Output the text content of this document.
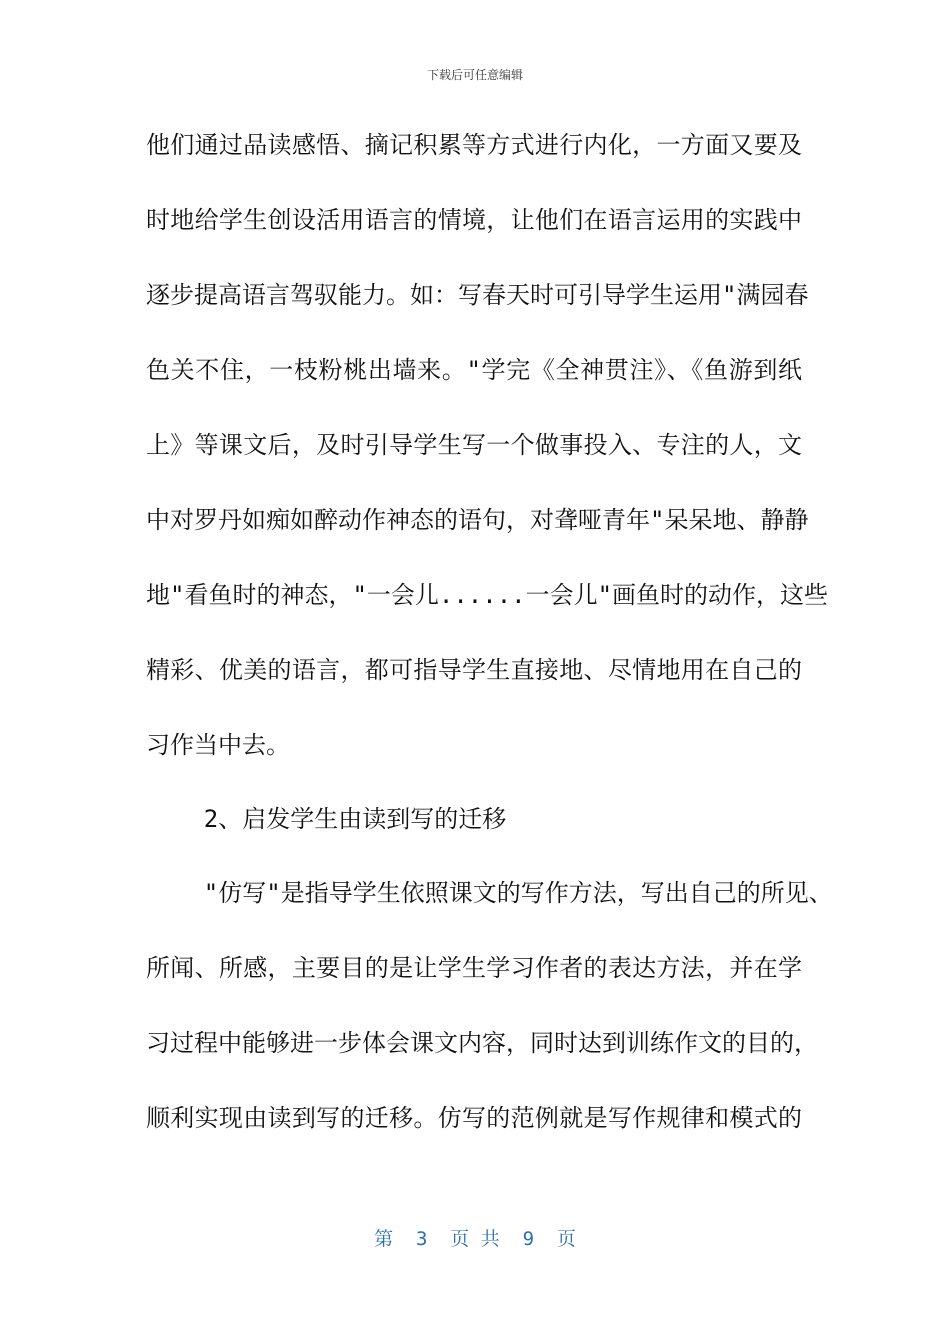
下载后可任意编辑
他们通过品读感悟、摘记积累等方式进行内化，一方面又要及
时地给学生创设活用语言的情境，让他们在语言运用的实践中
逐步提高语言驾驭能力。如：写春天时可引导学生运用"满园春
色关不住，一枝粉桃出墙来。"学完《全神贯注》、《鱼游到纸
上》等课文后，及时引导学生写一个做事投入、专注的人，文
中对罗丹如痴如醉动作神态的语句，对聋哑青年"呆呆地、静静
地"看鱼时的神态，"一会儿......一会儿"画鱼时的动作，这些
精彩、优美的语言，都可指导学生直接地、尽情地用在自己的
习作当中去。
2、启发学生由读到写的迁移
"仿写"是指导学生依照课文的写作方法，写出自己的所见、
所闻、所感，主要目的是让学生学习作者的表达方法，并在学
习过程中能够进一步体会课文内容，同时达到训练作文的目的，
顺利实现由读到写的迁移。仿写的范例就是写作规律和模式的
第  3  页 共  9  页
